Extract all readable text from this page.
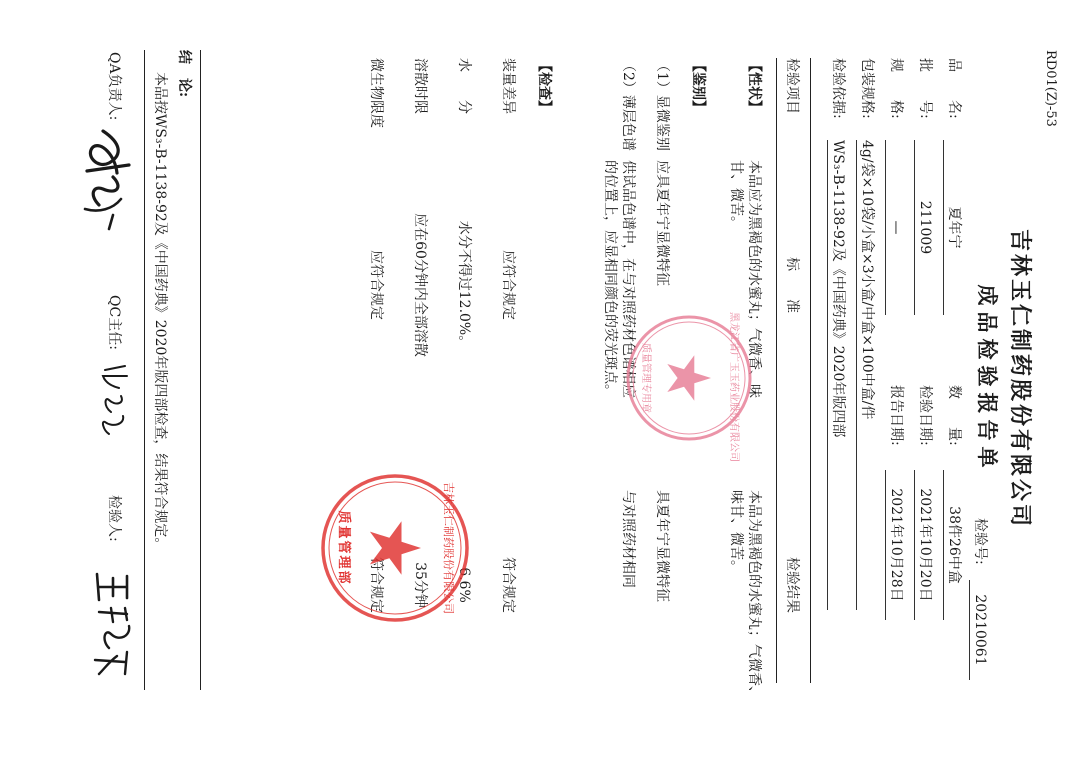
RD01(Z)-53
吉林玉仁制药股份有限公司
成品检验报告单
品　　名:
夏年宁
批　　号:
211009
规　　格:
—
包装规格:
4g/袋×10袋/小盒×3小盒/中盒×100中盒/件
检验依据:
WS₃-B-1138-92及《中国药典》2020年版四部	数　　量:
38件26中盒
检验日期:
2021年10月20日
报告日期:
2021年10月28日	检验号:
20210061
检验项目
标　　准
检验结果
【性状】
本品应为黑褐色的水蜜丸；气微香、味甘、微苦。
本品为黑褐色的水蜜丸；气微香、味甘、微苦。
【鉴别】
（1）显微鉴别
应具夏年宁显微特征
具夏年宁显微特征
（2）薄层色谱
供试品色谱中，在与对照药材色谱相应的位置上，应显相同颜色的荧光斑点。
与对照药材相同
【检查】
装量差异
应符合规定
符合规定
水　　分
水分不得过12.0%。
6.6%
溶散时限
应在60分钟内全部溶散
35分钟
微生物限度
应符合规定
符合规定
结　论:
本品按WS₃-B-1138-92及《中国药典》2020年版四部检查，结果符合规定。
QA负责人:
QC主任:
检验人:
黑龙江省广玉玉药业股份有限公司
质量管理专用章
吉林玉仁制药股份有限公司
质量管理部
